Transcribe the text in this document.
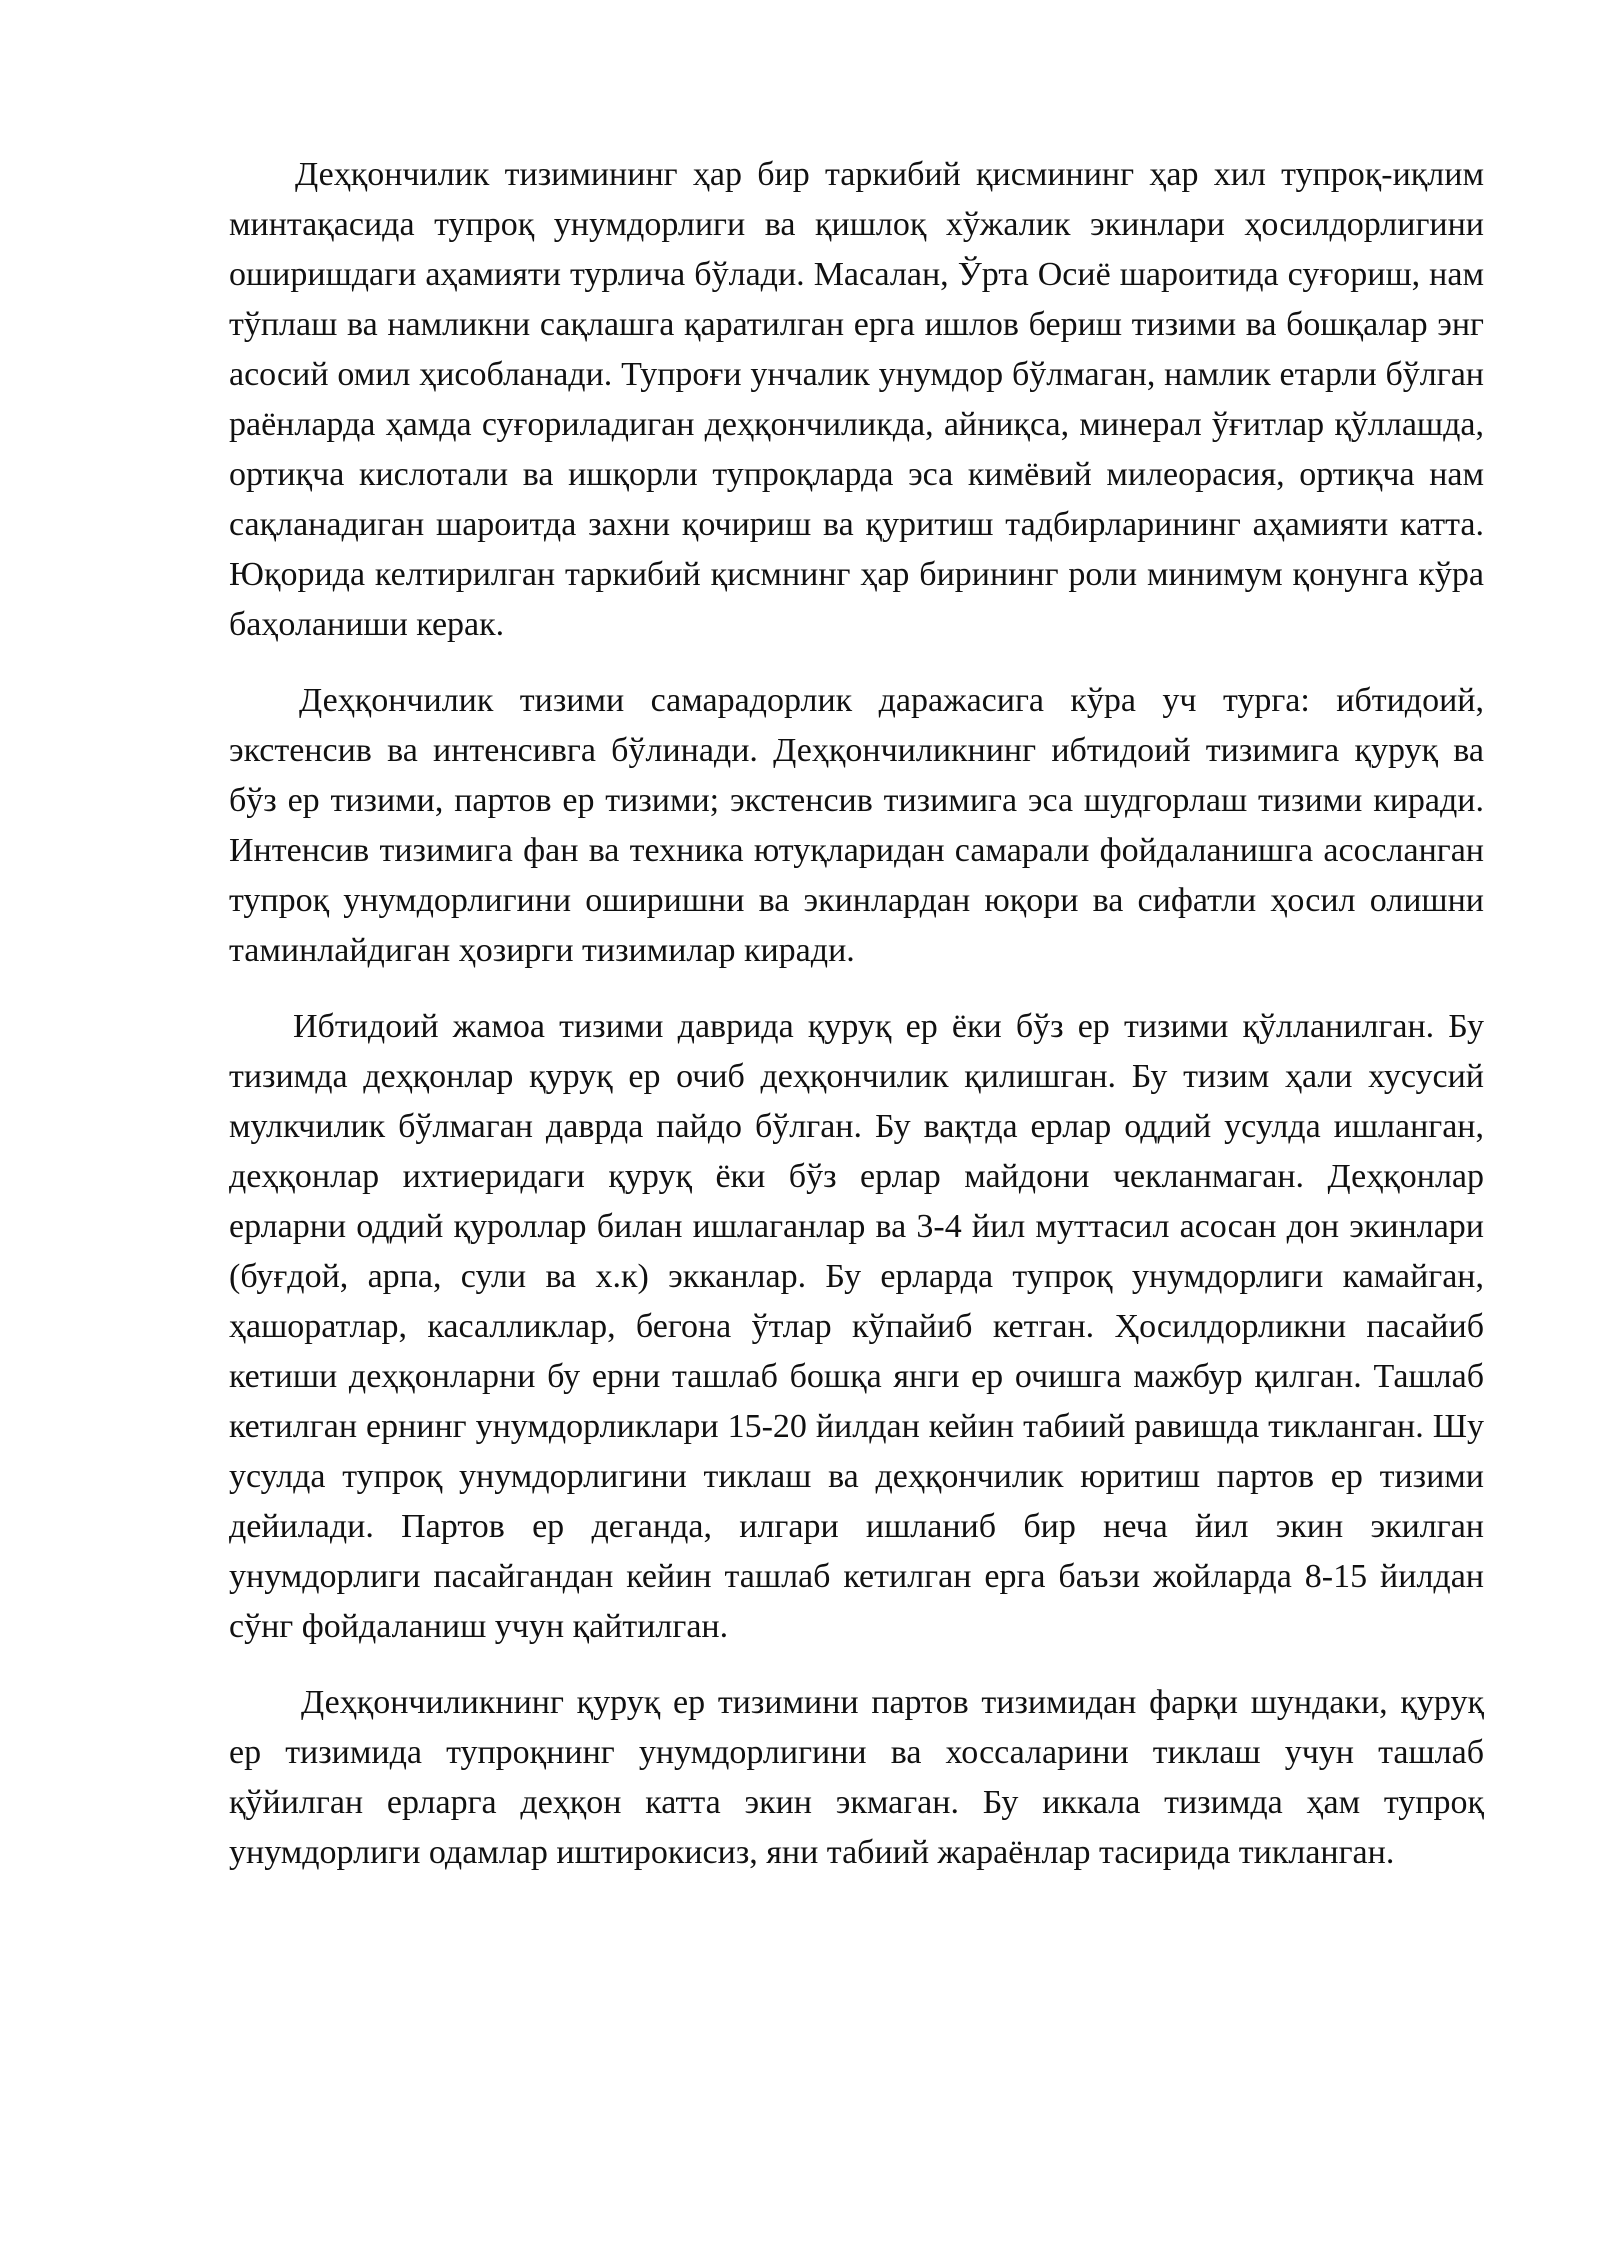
Деҳқончилик тизимининг ҳар бир таркибий қисмининг ҳар хил тупроқ-иқлим минтақасида тупроқ унумдорлиги ва қишлоқ хўжалик экинлари ҳосилдорлигини оширишдаги аҳамияти турлича бўлади. Масалан, Ўрта Осиё шароитида суғориш, нам тўплаш ва намликни сақлашга қаратилган ерга ишлов бериш тизими ва бошқалар энг асосий омил ҳисобланади. Тупроғи унчалик унумдор бўлмаган, намлик етарли бўлган раёнларда ҳамда суғориладиган деҳқончиликда, айниқса, минерал ўғитлар қўллашда, ортиқча кислотали ва ишқорли тупроқларда эса кимёвий милеорасия, ортиқча нам сақланадиган шароитда захни қочириш ва қуритиш тадбирларининг аҳамияти катта. Юқорида келтирилган таркибий қисмнинг ҳар бирининг роли минимум қонунга кўра баҳоланиши керак.

Деҳқончилик тизими самарадорлик даражасига кўра уч турга: ибтидоий, экстенсив ва интенсивга бўлинади. Деҳқончиликнинг ибтидоий тизимига қуруқ ва бўз ер тизими, партов ер тизими; экстенсив тизимига эса шудгорлаш тизими киради. Интенсив тизимига фан ва техника ютуқларидан самарали фойдаланишга асосланган тупроқ унумдорлигини оширишни ва экинлардан юқори ва сифатли ҳосил олишни таминлайдиган ҳозирги тизимилар киради.

Ибтидоий жамоа тизими даврида қуруқ ер ёки бўз ер тизими қўлланилган. Бу тизимда деҳқонлар қуруқ ер очиб деҳқончилик қилишган. Бу тизим ҳали хусусий мулкчилик бўлмаган даврда пайдо бўлган. Бу вақтда ерлар оддий усулда ишланган, деҳқонлар ихтиеридаги қуруқ ёки бўз ерлар майдони чекланмаган. Деҳқонлар ерларни оддий қуроллар билан ишлаганлар ва 3-4 йил муттасил асосан дон экинлари (буғдой, арпа, сули ва х.к) экканлар. Бу ерларда тупроқ унумдорлиги камайган, ҳашоратлар, касалликлар, бегона ўтлар кўпайиб кетган. Ҳосилдорликни пасайиб кетиши деҳқонларни бу ерни ташлаб бошқа янги ер очишга мажбур қилган. Ташлаб кетилган ернинг унумдорликлари 15-20 йилдан кейин табиий равишда тикланган. Шу усулда тупроқ унумдорлигини тиклаш ва деҳқончилик юритиш партов ер тизими дейилади. Партов ер деганда, илгари ишланиб бир неча йил экин экилган унумдорлиги пасайгандан кейин ташлаб кетилган ерга баъзи жойларда 8-15 йилдан сўнг фойдаланиш учун қайтилган.

Деҳқончиликнинг қуруқ ер тизимини партов тизимидан фарқи шундаки, қуруқ ер тизимида тупроқнинг унумдорлигини ва хоссаларини тиклаш учун ташлаб қўйилган ерларга деҳқон катта экин экмаган. Бу иккала тизимда ҳам тупроқ унумдорлиги одамлар иштирокисиз, яни табиий жараёнлар тасирида тикланган.
